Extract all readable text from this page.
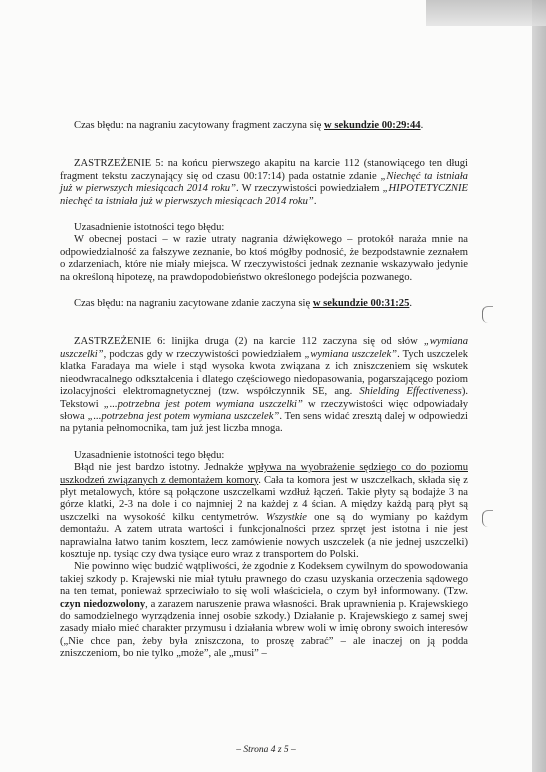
Czas błędu: na nagraniu zacytowany fragment zaczyna się w sekundzie 00:29:44.

ZASTRZEŻENIE 5: na końcu pierwszego akapitu na karcie 112 (stanowiącego ten długi fragment tekstu zaczynający się od czasu 00:17:14) pada ostatnie zdanie „Niechęć ta istniała już w pierwszych miesiącach 2014 roku”. W rzeczywistości powiedziałem „HIPOTETYCZNIE niechęć ta istniała już w pierwszych miesiącach 2014 roku”.

Uzasadnienie istotności tego błędu:

W obecnej postaci – w razie utraty nagrania dźwiękowego – protokół naraża mnie na odpowiedzialność za fałszywe zeznanie, bo ktoś mógłby podnosić, że bezpodstawnie zeznałem o zdarzeniach, które nie miały miejsca. W rzeczywistości jednak zeznanie wskazywało jedynie na określoną hipotezę, na prawdopodobieństwo określonego podejścia pozwanego.

Czas błędu: na nagraniu zacytowane zdanie zaczyna się w sekundzie 00:31:25.

ZASTRZEŻENIE 6: linijka druga (2) na karcie 112 zaczyna się od słów „wymiana uszczelki”, podczas gdy w rzeczywistości powiedziałem „wymiana uszczelek”. Tych uszczelek klatka Faradaya ma wiele i stąd wysoka kwota związana z ich zniszczeniem się wskutek nieodwracalnego odkształcenia i dlatego częściowego niedopasowania, pogarszającego poziom izolacyjności elektromagnetycznej (tzw. współczynnik SE, ang. Shielding Effectiveness). Tekstowi „...potrzebna jest potem wymiana uszczelki” w rzeczywistości więc odpowiadały słowa „...potrzebna jest potem wymiana uszczelek”. Ten sens widać zresztą dalej w odpowiedzi na pytania pełnomocnika, tam już jest liczba mnoga.

Uzasadnienie istotności tego błędu:

Błąd nie jest bardzo istotny. Jednakże wpływa na wyobrażenie sędziego co do poziomu uszkodzeń związanych z demontażem komory. Cała ta komora jest w uszczelkach, składa się z płyt metalowych, które są połączone uszczelkami wzdłuż łączeń. Takie płyty są bodajże 3 na górze klatki, 2-3 na dole i co najmniej 2 na każdej z 4 ścian. A między każdą parą płyt są uszczelki na wysokość kilku centymetrów. Wszystkie one są do wymiany po każdym demontażu. A zatem utrata wartości i funkcjonalności przez sprzęt jest istotna i nie jest naprawialna łatwo tanim kosztem, lecz zamówienie nowych uszczelek (a nie jednej uszczelki) kosztuje np. tysiąc czy dwa tysiące euro wraz z transportem do Polski.

Nie powinno więc budzić wątpliwości, że zgodnie z Kodeksem cywilnym do spowodowania takiej szkody p. Krajewski nie miał tytułu prawnego do czasu uzyskania orzeczenia sądowego na ten temat, ponieważ sprzeciwiało to się woli właściciela, o czym był informowany. (Tzw. czyn niedozwolony, a zarazem naruszenie prawa własności. Brak uprawnienia p. Krajewskiego do samodzielnego wyrządzenia innej osobie szkody.) Działanie p. Krajewskiego z samej swej zasady miało mieć charakter przymusu i działania wbrew woli w imię obrony swoich interesów („Nie chce pan, żeby była zniszczona, to proszę zabrać” – ale inaczej on ją podda zniszczeniom, bo nie tylko „może”, ale „musi” –

– Strona 4 z 5 –
